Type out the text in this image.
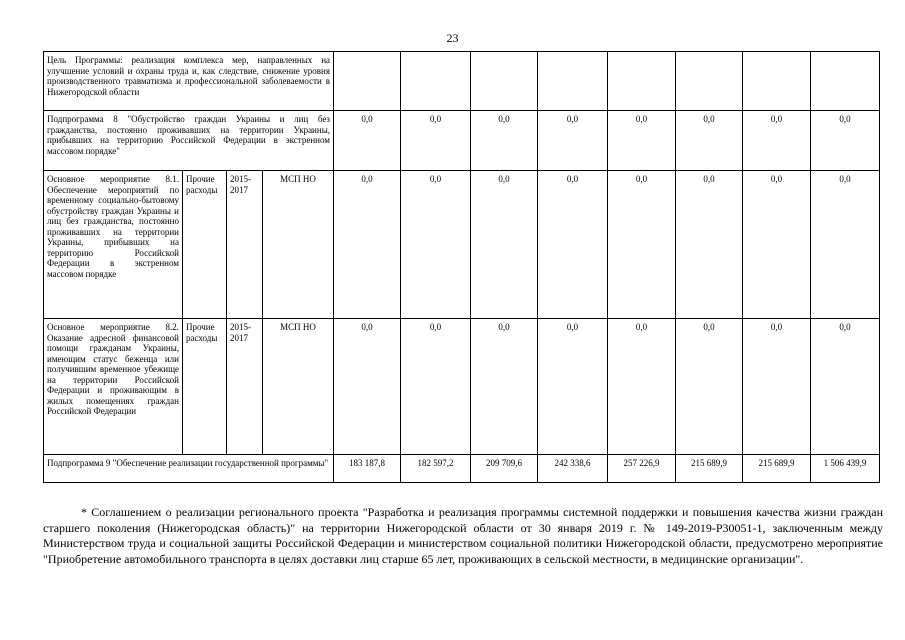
23
Цель Программы: реализация комплекса мер, направленных на улучшение условий и охраны труда и, как следствие, снижение уровня производственного травматизма и профессиональной заболеваемости в Нижегородской области											
Подпрограмма 8 "Обустройство граждан Украины и лиц без гражданства, постоянно проживавших на территории Украины, прибывших на территорию Российской Федерации в экстренном массовом порядке"				0,0	0,0	0,0	0,0	0,0	0,0	0,0	0,0
Основное мероприятие 8.1. Обеспечение мероприятий по временному социально-бытовому обустройству граждан Украины и лиц без гражданства, постоянно проживавших на территории Украины, прибывших на территорию Российской Федерации в экстренном массовом порядке	Прочие расходы	2015-2017	МСП НО	0,0	0,0	0,0	0,0	0,0	0,0	0,0	0,0
Основное мероприятие 8.2. Оказание адресной финансовой помощи гражданам Украины, имеющим статус беженца или получившим временное убежище на территории Российской Федерации и проживающим в жилых помещениях граждан Российской Федерации	Прочие расходы	2015-2017	МСП НО	0,0	0,0	0,0	0,0	0,0	0,0	0,0	0,0
Подпрограмма 9 "Обеспечение реализации государственной программы"				183 187,8	182 597,2	209 709,6	242 338,6	257 226,9	215 689,9	215 689,9	1 506 439,9

* Соглашением о реализации регионального проекта "Разработка и реализация программы системной поддержки и повышения качества жизни граждан старшего поколения (Нижегородская область)" на территории Нижегородской области от 30 января 2019 г. № 149-2019-Р30051-1, заключенным между Министерством труда и социальной защиты Российской Федерации и министерством социальной политики Нижегородской области, предусмотрено мероприятие "Приобретение автомобильного транспорта в целях доставки лиц старше 65 лет, проживающих в сельской местности, в медицинские организации".
